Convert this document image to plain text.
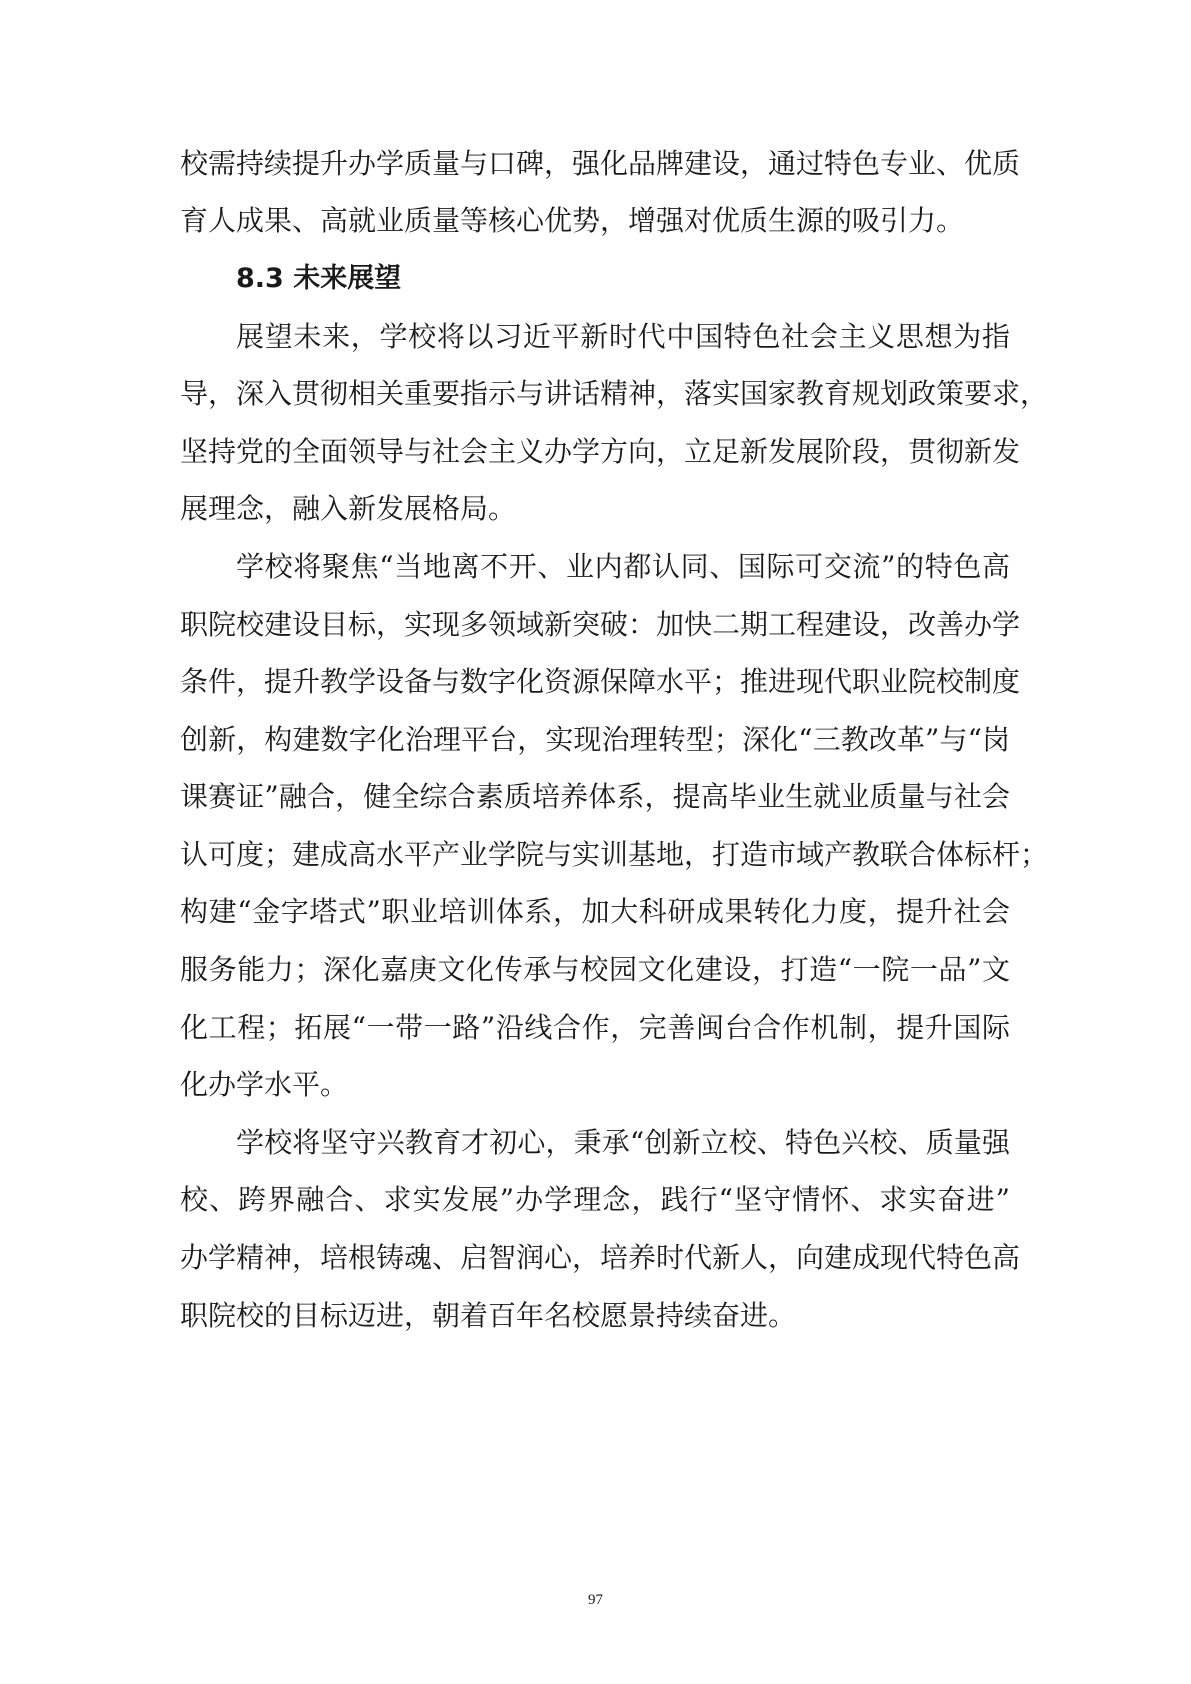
校需持续提升办学质量与口碑，强化品牌建设，通过特色专业、优质
育人成果、高就业质量等核心优势，增强对优质生源的吸引力。
8.3 未来展望
展望未来，学校将以习近平新时代中国特色社会主义思想为指
导，深入贯彻相关重要指示与讲话精神，落实国家教育规划政策要求，
坚持党的全面领导与社会主义办学方向，立足新发展阶段，贯彻新发
展理念，融入新发展格局。
学校将聚焦“当地离不开、业内都认同、国际可交流”的特色高
职院校建设目标，实现多领域新突破：加快二期工程建设，改善办学
条件，提升教学设备与数字化资源保障水平；推进现代职业院校制度
创新，构建数字化治理平台，实现治理转型；深化“三教改革”与“岗
课赛证”融合，健全综合素质培养体系，提高毕业生就业质量与社会
认可度；建成高水平产业学院与实训基地，打造市域产教联合体标杆；
构建“金字塔式”职业培训体系，加大科研成果转化力度，提升社会
服务能力；深化嘉庚文化传承与校园文化建设，打造“一院一品”文
化工程；拓展“一带一路”沿线合作，完善闽台合作机制，提升国际
化办学水平。
学校将坚守兴教育才初心，秉承“创新立校、特色兴校、质量强
校、跨界融合、求实发展”办学理念，践行“坚守情怀、求实奋进”
办学精神，培根铸魂、启智润心，培养时代新人，向建成现代特色高
职院校的目标迈进，朝着百年名校愿景持续奋进。
97
